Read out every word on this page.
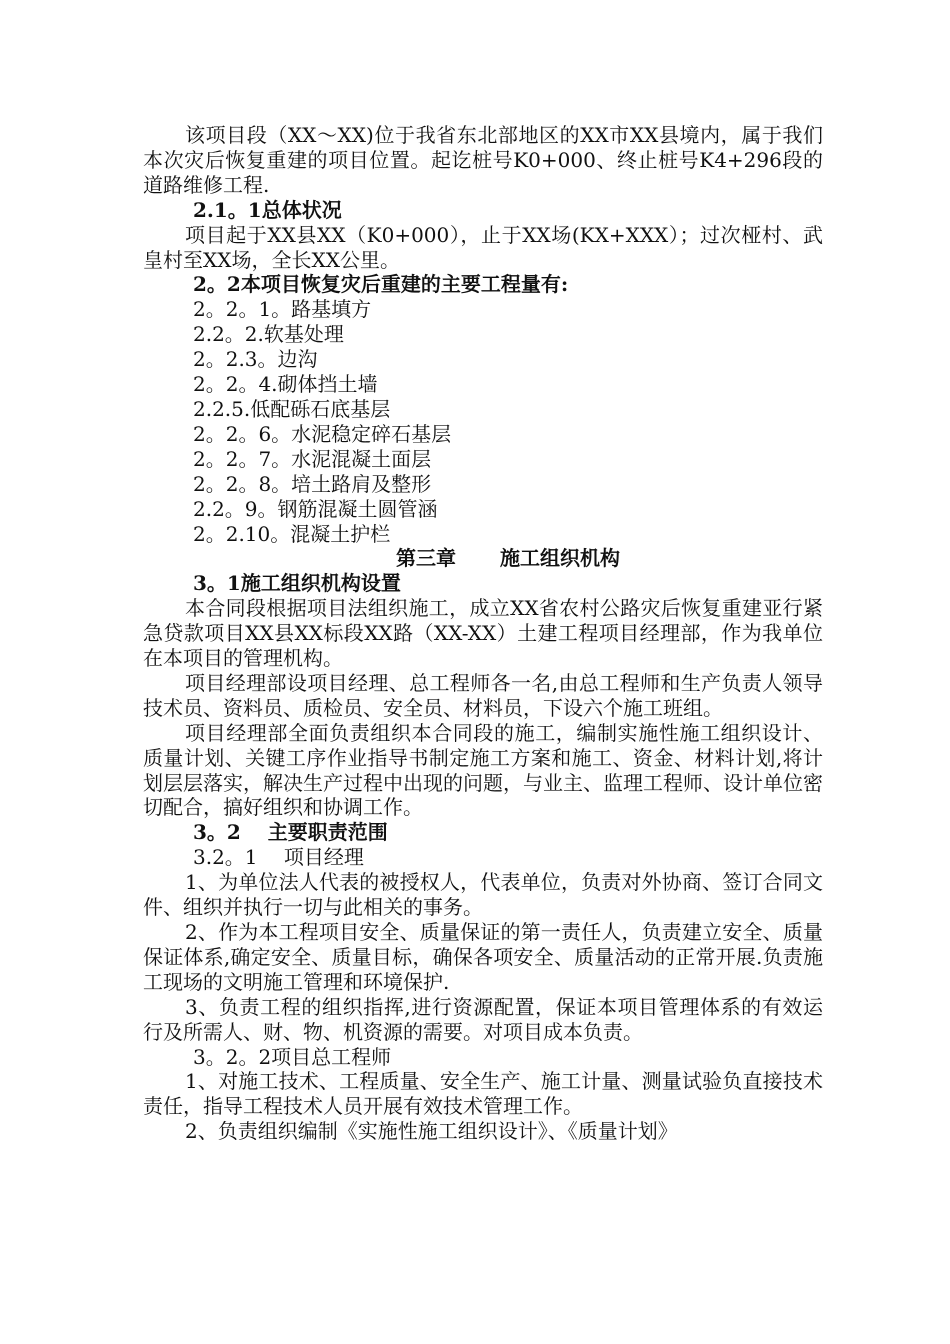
该项目段（XX～XX)位于我省东北部地区的XX市XX县境内，属于我们本次灾后恢复重建的项目位置。起讫桩号K0+000、终止桩号K4+296段的道路维修工程.

2.1。1总体状况

项目起于XX县XX（K0+000），止于XX场(KX+XXX）；过次桠村、武皇村至XX场，全长XX公里。

2。2本项目恢复灾后重建的主要工程量有:

2。2。1。路基填方

2.2。2.软基处理

2。2.3。边沟

2。2。4.砌体挡土墙

2.2.5.低配砾石底基层

2。2。6。水泥稳定碎石基层

2。2。7。水泥混凝土面层

2。2。8。培土路肩及整形

2.2。9。钢筋混凝土圆管涵

2。2.10。混凝土护栏

第三章 施工组织机构

3。1施工组织机构设置

本合同段根据项目法组织施工，成立XX省农村公路灾后恢复重建亚行紧急贷款项目XX县XX标段XX路（XX-XX）土建工程项目经理部，作为我单位在本项目的管理机构。

项目经理部设项目经理、总工程师各一名,由总工程师和生产负责人领导技术员、资料员、质检员、安全员、材料员，下设六个施工班组。

项目经理部全面负责组织本合同段的施工，编制实施性施工组织设计、质量计划、关键工序作业指导书制定施工方案和施工、资金、材料计划,将计划层层落实，解决生产过程中出现的问题，与业主、监理工程师、设计单位密切配合，搞好组织和协调工作。

3。2　 主要职责范围

3.2。1　 项目经理

1、为单位法人代表的被授权人，代表单位，负责对外协商、签订合同文件、组织并执行一切与此相关的事务。

2、作为本工程项目安全、质量保证的第一责任人，负责建立安全、质量保证体系,确定安全、质量目标，确保各项安全、质量活动的正常开展.负责施工现场的文明施工管理和环境保护.

3、负责工程的组织指挥,进行资源配置，保证本项目管理体系的有效运行及所需人、财、物、机资源的需要。对项目成本负责。

3。2。2项目总工程师

1、对施工技术、工程质量、安全生产、施工计量、测量试验负直接技术责任，指导工程技术人员开展有效技术管理工作。

2、负责组织编制《实施性施工组织设计》、《质量计划》
